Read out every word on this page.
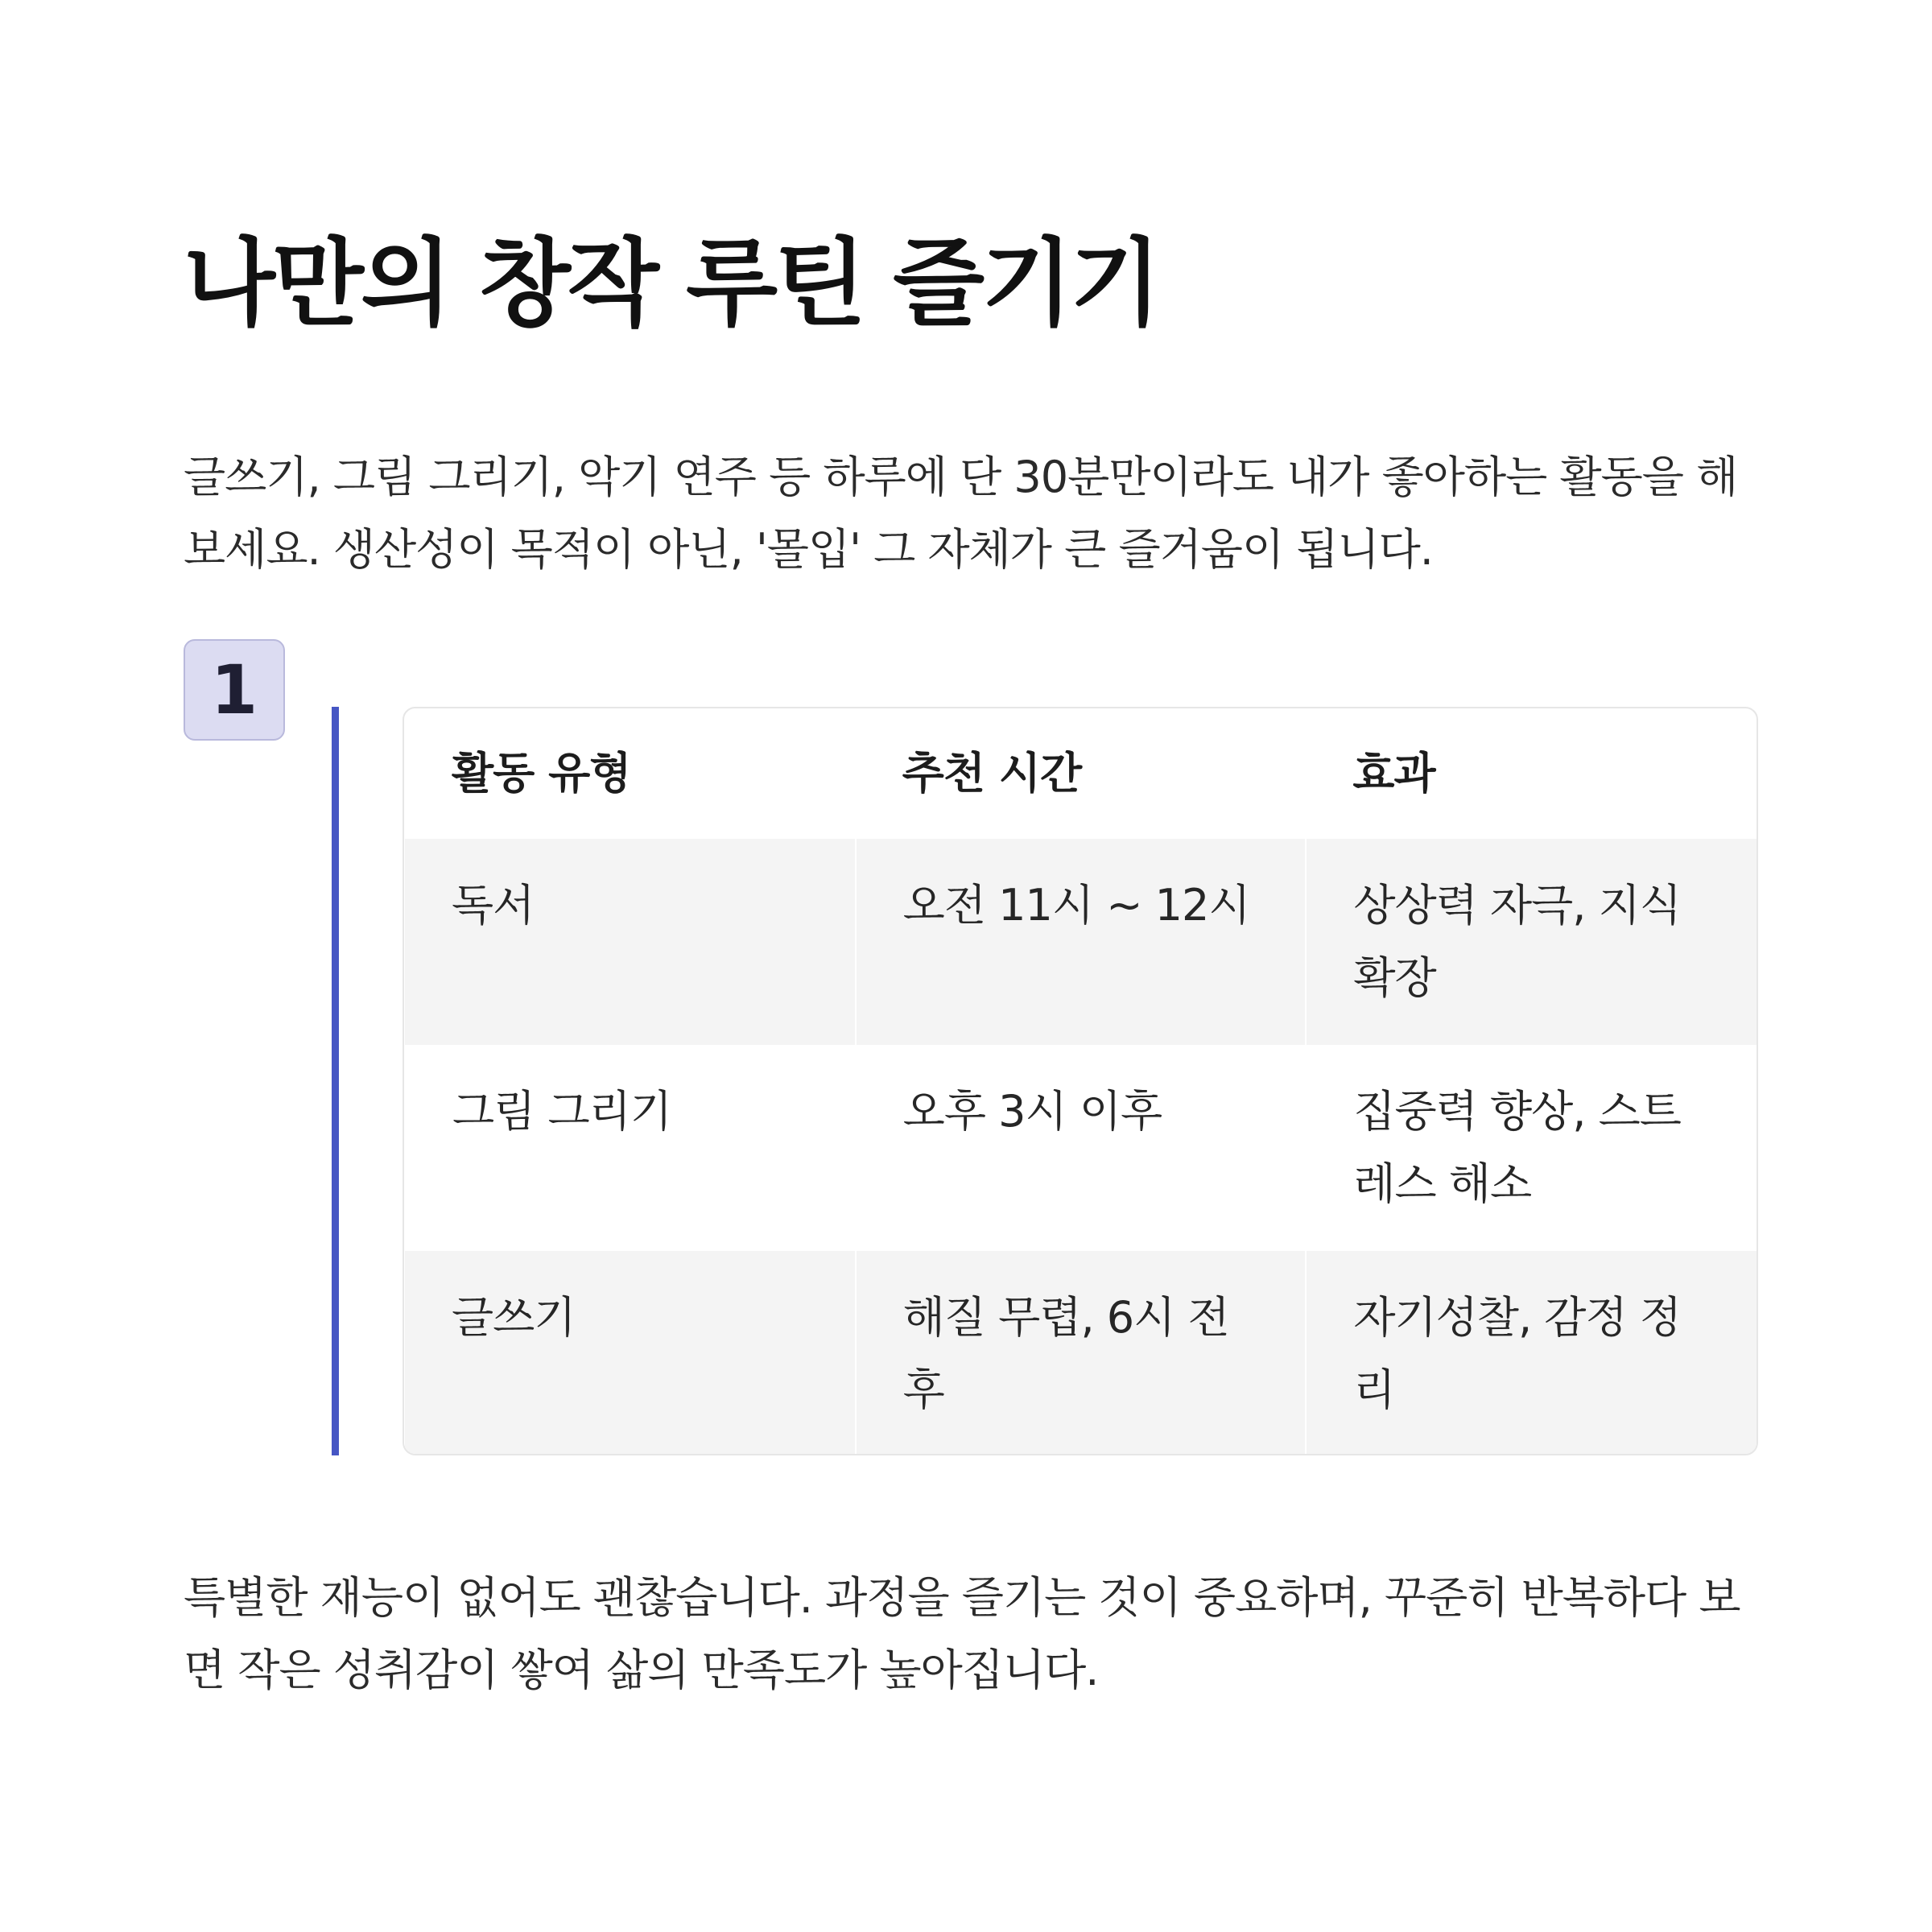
나만의 창작 루틴 즐기기

글쓰기, 그림 그리기, 악기 연주 등 하루에 단 30분만이라도 내가 좋아하는 활동을 해보세요. 생산성이 목적이 아닌, '몰입' 그 자체가 큰 즐거움이 됩니다.

1
활동 유형	추천 시간	효과
독서	오전 11시 ~ 12시	상상력 자극, 지식 확장
그림 그리기	오후 3시 이후	집중력 향상, 스트레스 해소
글쓰기	해질 무렵, 6시 전후	자기성찰, 감정 정리

특별한 재능이 없어도 괜찮습니다. 과정을 즐기는 것이 중요하며, 꾸준히 반복하다 보면 작은 성취감이 쌓여 삶의 만족도가 높아집니다.
